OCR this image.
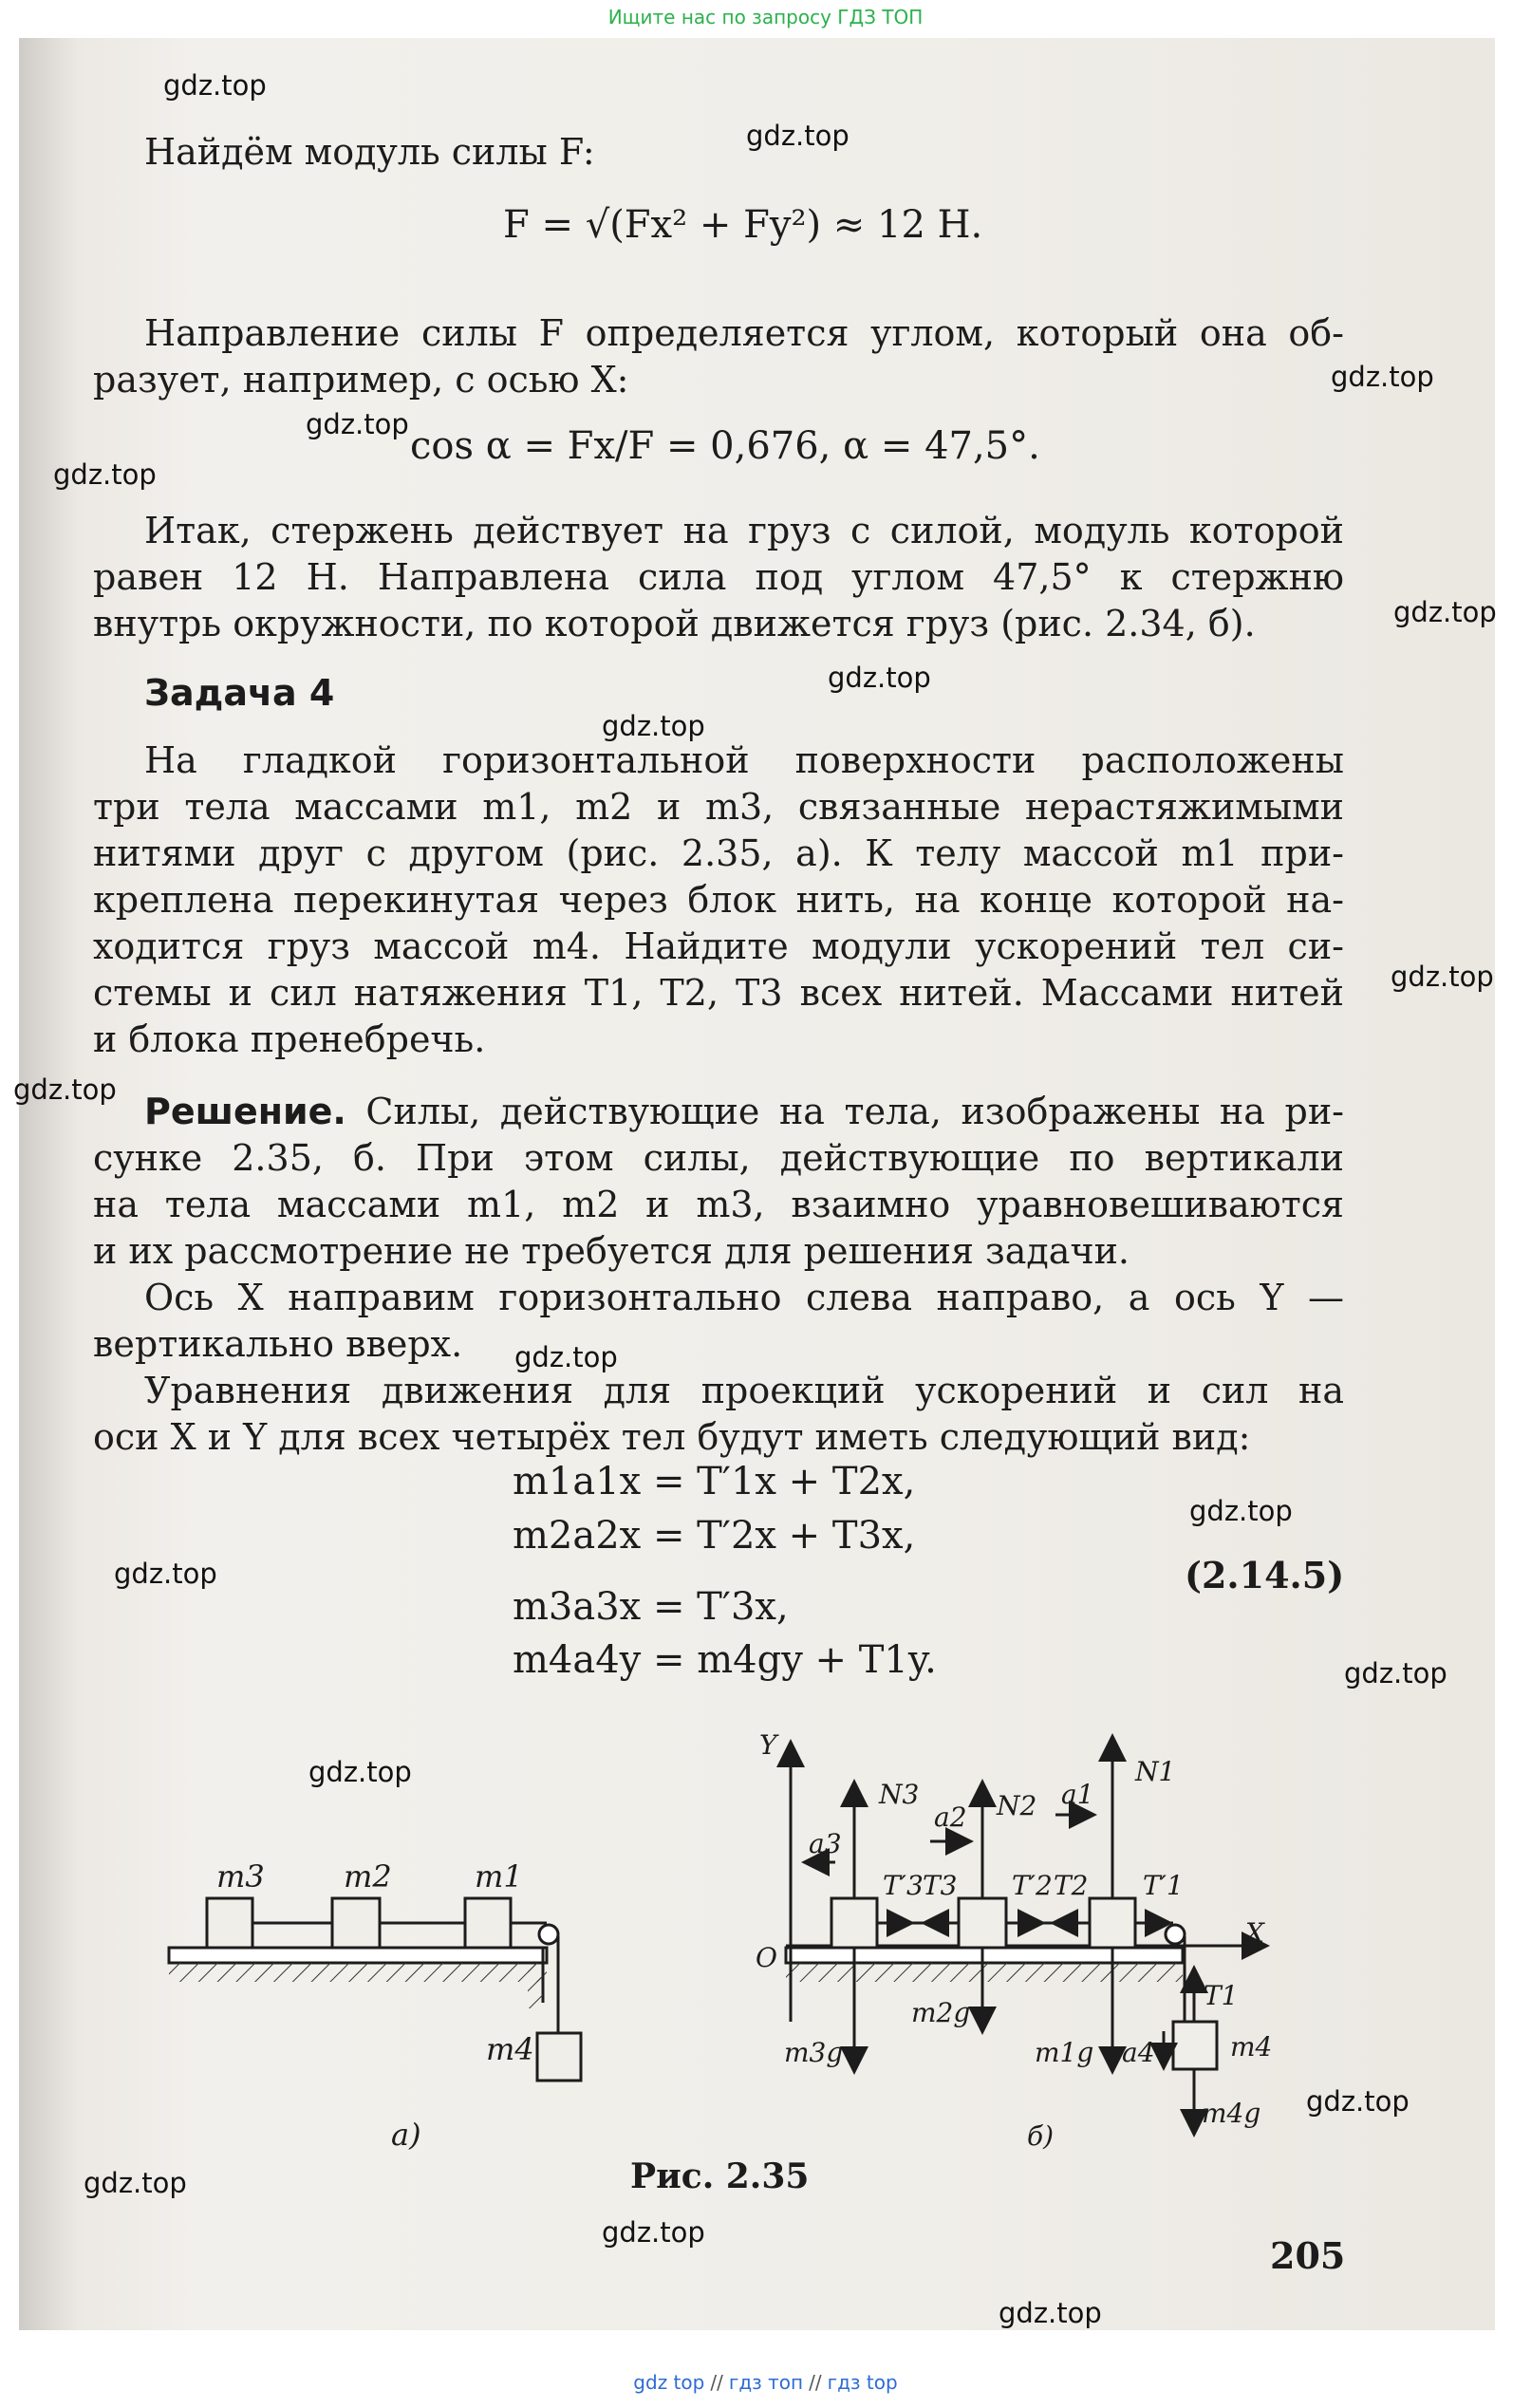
Ищите нас по запросу ГДЗ ТОП
gdz.top
gdz.top
gdz.top
gdz.top
gdz.top
gdz.top
gdz.top
gdz.top
gdz.top
gdz.top
gdz.top
gdz.top
gdz.top
gdz.top
gdz.top
gdz.top
gdz.top
gdz.top
gdz.top
Найдём модуль силы F:
F = √(Fx² + Fy²) ≈ 12 Н.
Направление силы F определяется углом, который она об-
разует, например, с осью X:
cos α = Fx/F = 0,676, α = 47,5°.
Итак, стержень действует на груз с силой, модуль которой
равен 12 Н. Направлена сила под углом 47,5° к стержню
внутрь окружности, по которой движется груз (рис. 2.34, б).
Задача 4
На гладкой горизонтальной поверхности расположены
три тела массами m1, m2 и m3, связанные нерастяжимыми
нитями друг с другом (рис. 2.35, а). К телу массой m1 при-
креплена перекинутая через блок нить, на конце которой на-
ходится груз массой m4. Найдите модули ускорений тел си-
стемы и сил натяжения T1, T2, T3 всех нитей. Массами нитей
и блока пренебречь.
Решение. Силы, действующие на тела, изображены на ри-
сунке 2.35, б. При этом силы, действующие по вертикали
на тела массами m1, m2 и m3, взаимно уравновешиваются
и их рассмотрение не требуется для решения задачи.
Ось X направим горизонтально слева направо, а ось Y —
вертикально вверх.
Уравнения движения для проекций ускорений и сил на
оси X и Y для всех четырёх тел будут иметь следующий вид:
m1a1x = T′1x + T2x,
m2a2x = T′2x + T3x,
m3a3x = T′3x,
m4a4y = m4gy + T1y.
(2.14.5)
m3	m2	m1
m4
а)
Y
X
O
N3	N2
N1
a3
a2
a1
T′3 T3 T′2 T2 T′1
T1
a4
m2g
m3g	m1g
m4g
m4
б)
Рис. 2.35
205
gdz top // гдз топ // гдз top
